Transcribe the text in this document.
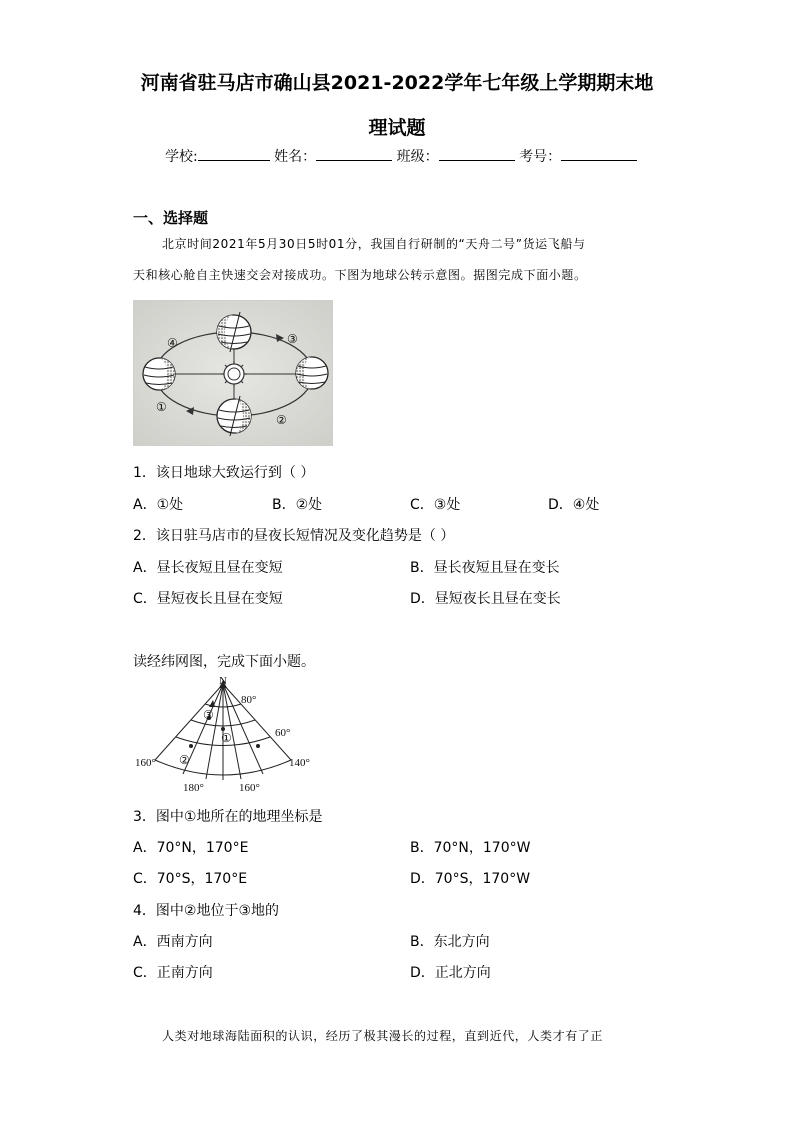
河南省驻马店市确山县2021-2022学年七年级上学期期末地
理试题
学校:	姓名：	班级：	考号：
一、选择题
北京时间2021年5月30日5时01分，我国自行研制的“天舟二号”货运飞船与
天和核心舱自主快速交会对接成功。下图为地球公转示意图。据图完成下面小题。
④
①
③
②
1．该日地球大致运行到（ ）
A．①处	B．②处	C．③处	D．④处
2．该日驻马店市的昼夜长短情况及变化趋势是（ ）
A．昼长夜短且昼在变短	B．昼长夜短且昼在变长
C．昼短夜长且昼在变短	D．昼短夜长且昼在变长
读经纬网图，完成下面小题。
N
80°
60°
160°
180°	160°
140°
①
②
③
3．图中①地所在的地理坐标是
A．70°N，170°E	B．70°N，170°W
C．70°S，170°E	D．70°S，170°W
4．图中②地位于③地的
A．西南方向	B．东北方向
C．正南方向	D．正北方向
人类对地球海陆面积的认识，经历了极其漫长的过程，直到近代，人类才有了正
